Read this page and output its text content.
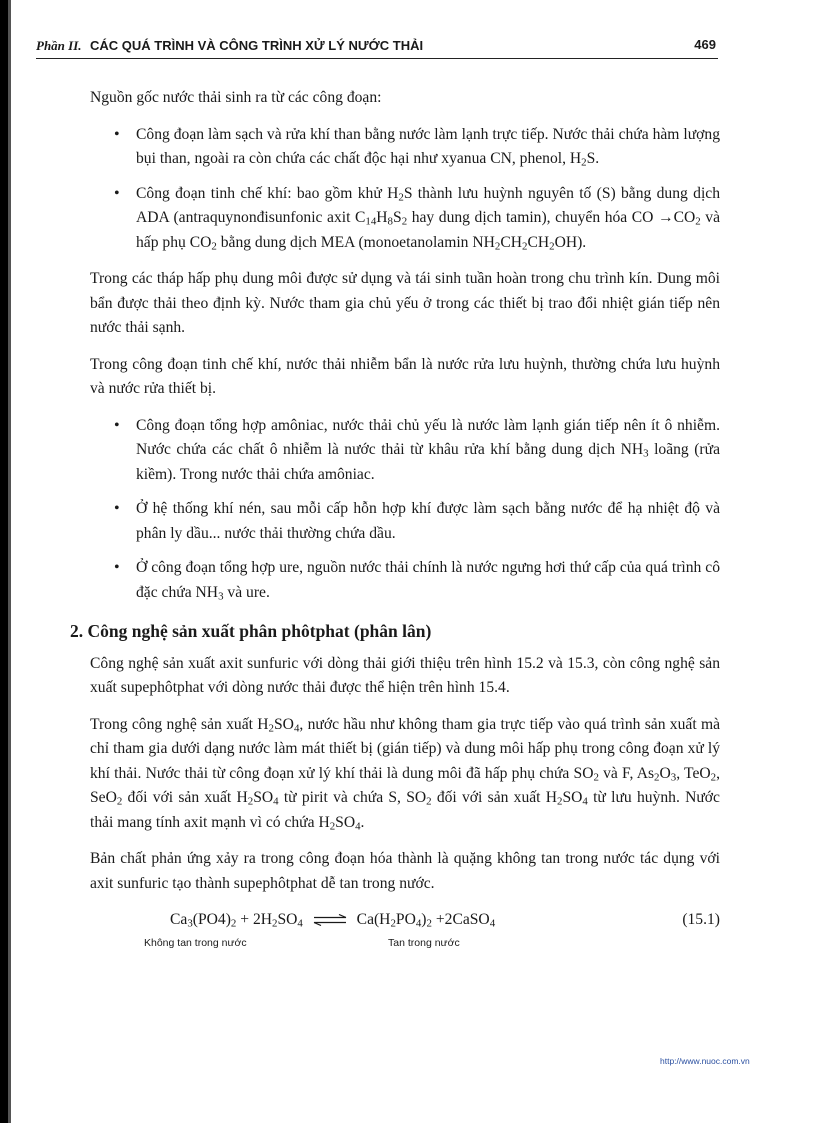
Phần II. CÁC QUÁ TRÌNH VÀ CÔNG TRÌNH XỬ LÝ NƯỚC THẢI	469

Nguồn gốc nước thải sinh ra từ các công đoạn:

• Công đoạn làm sạch và rửa khí than bằng nước làm lạnh trực tiếp. Nước thải chứa hàm lượng bụi than, ngoài ra còn chứa các chất độc hại như xyanua CN, phenol, $H_2S$.
• Công đoạn tinh chế khí: bao gồm khử $H_2S$ thành lưu huỳnh nguyên tố (S) bằng dung dịch ADA (antraquynonđisunfonic axit $C_{14}H_8S_2$ hay dung dịch tamin), chuyển hóa CO $\to CO_2$ và hấp phụ $CO_2$ bằng dung dịch MEA (monoetanolamin $NH_2CH_2CH_2OH$).

Trong các tháp hấp phụ dung môi được sử dụng và tái sinh tuần hoàn trong chu trình kín. Dung môi bẩn được thải theo định kỳ. Nước tham gia chủ yếu ở trong các thiết bị trao đổi nhiệt gián tiếp nên nước thải sạnh.

Trong công đoạn tinh chế khí, nước thải nhiễm bẩn là nước rửa lưu huỳnh, thường chứa lưu huỳnh và nước rửa thiết bị.

• Công đoạn tổng hợp amôniac, nước thải chủ yếu là nước làm lạnh gián tiếp nên ít ô nhiễm. Nước chứa các chất ô nhiễm là nước thải từ khâu rửa khí bằng dung dịch $NH_3$ loãng (rửa kiềm). Trong nước thải chứa amôniac.
• Ở hệ thống khí nén, sau mỗi cấp hỗn hợp khí được làm sạch bằng nước để hạ nhiệt độ và phân ly dầu... nước thải thường chứa dầu.
• Ở công đoạn tổng hợp ure, nguồn nước thải chính là nước ngưng hơi thứ cấp của quá trình cô đặc chứa $NH_3$ và ure.
2. Công nghệ sản xuất phân phôtphat (phân lân)

Công nghệ sản xuất axit sunfuric với dòng thải giới thiệu trên hình 15.2 và 15.3, còn công nghệ sản xuất supephôtphat với dòng nước thải được thể hiện trên hình 15.4.

Trong công nghệ sản xuất $H_2SO_4$, nước hầu như không tham gia trực tiếp vào quá trình sản xuất mà chỉ tham gia dưới dạng nước làm mát thiết bị (gián tiếp) và dung môi hấp phụ trong công đoạn xử lý khí thải. Nước thải từ công đoạn xử lý khí thải là dung môi đã hấp phụ chứa $SO_2$ và F, $As_2O_3$, TeO$_2$, SeO$_2$ đối với sản xuất $H_2SO_4$ từ pirit và chứa S, $SO_2$ đối với sản xuất $H_2SO_4$ từ lưu huỳnh. Nước thải mang tính axit mạnh vì có chứa $H_2SO_4$.

Bản chất phản ứng xảy ra trong công đoạn hóa thành là quặng không tan trong nước tác dụng với axit sunfuric tạo thành supephôtphat dễ tan trong nước.

$Ca_3(PO4)_2 + 2H_2SO_4$ ⇌ $Ca(H_2PO_4)_2$ +2CaSO$_4$	(15.1)
Không tan trong nước	Tan trong nước
http://www.nuoc.com.vn
